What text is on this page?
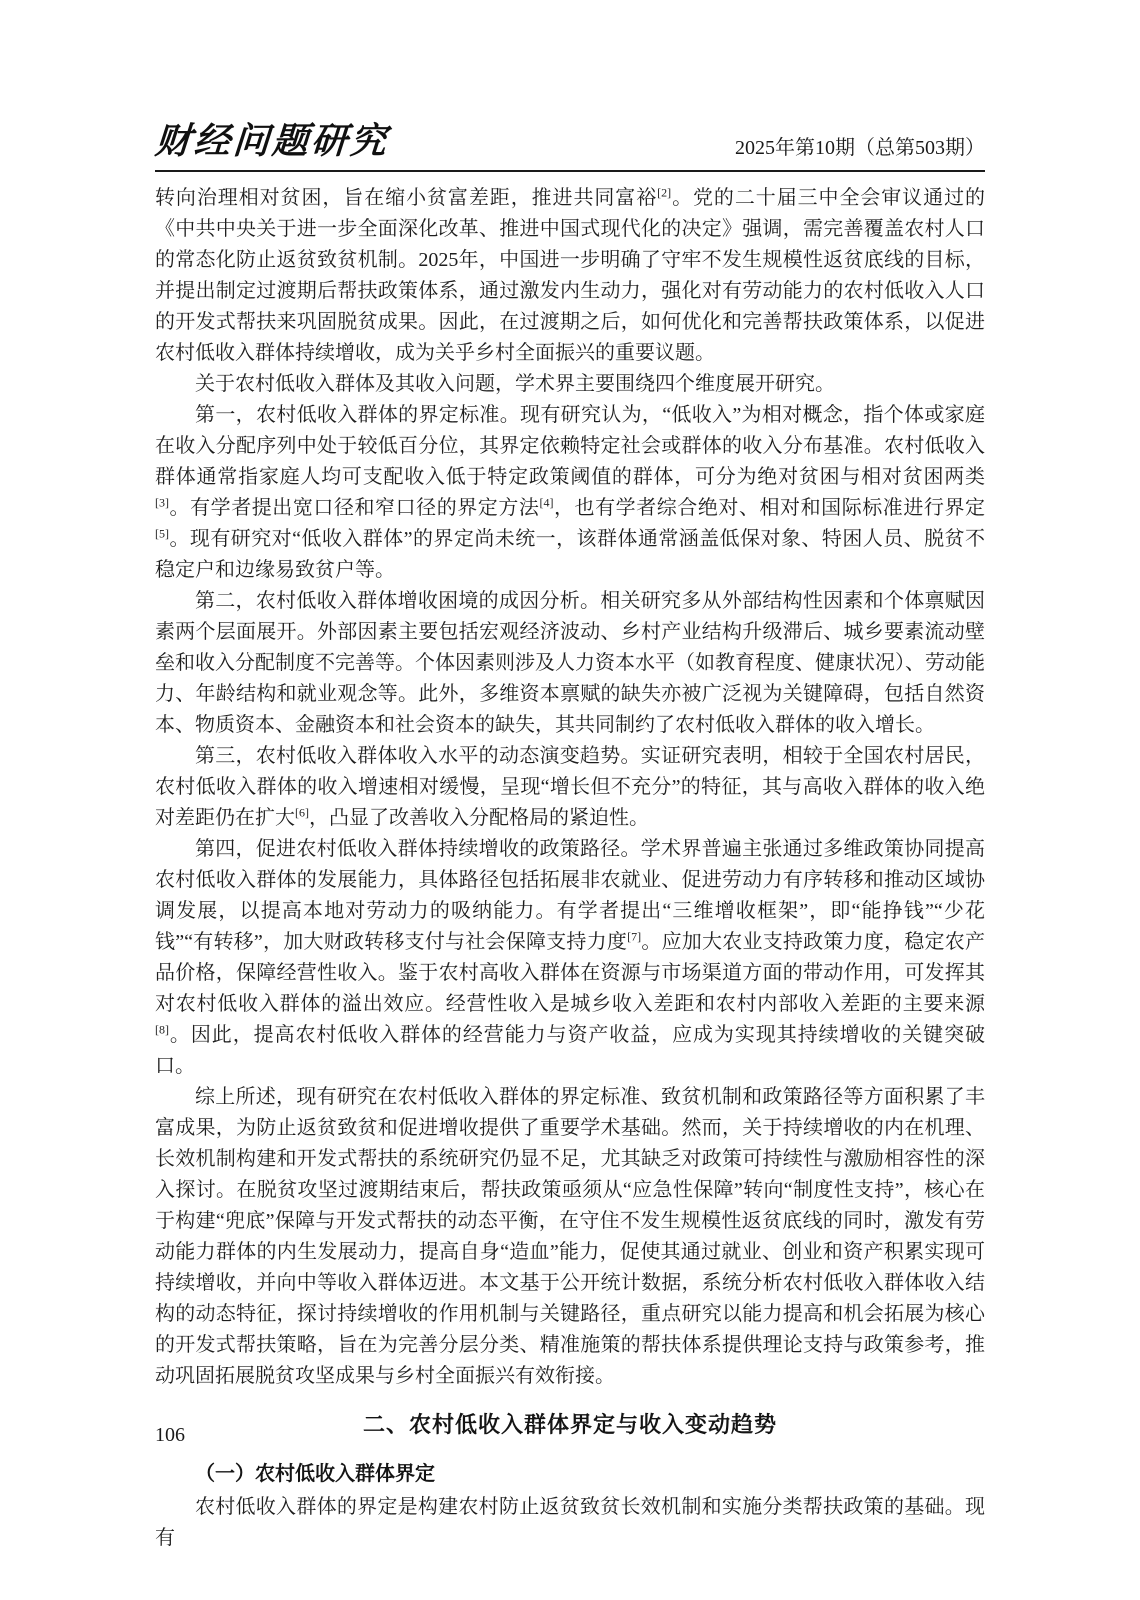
财经问题研究	2025年第10期（总第503期）

转向治理相对贫困，旨在缩小贫富差距，推进共同富裕[2]。党的二十届三中全会审议通过的《中共中央关于进一步全面深化改革、推进中国式现代化的决定》强调，需完善覆盖农村人口的常态化防止返贫致贫机制。2025年，中国进一步明确了守牢不发生规模性返贫底线的目标，并提出制定过渡期后帮扶政策体系，通过激发内生动力，强化对有劳动能力的农村低收入人口的开发式帮扶来巩固脱贫成果。因此，在过渡期之后，如何优化和完善帮扶政策体系，以促进农村低收入群体持续增收，成为关乎乡村全面振兴的重要议题。

关于农村低收入群体及其收入问题，学术界主要围绕四个维度展开研究。

第一，农村低收入群体的界定标准。现有研究认为，“低收入”为相对概念，指个体或家庭在收入分配序列中处于较低百分位，其界定依赖特定社会或群体的收入分布基准。农村低收入群体通常指家庭人均可支配收入低于特定政策阈值的群体，可分为绝对贫困与相对贫困两类[3]。有学者提出宽口径和窄口径的界定方法[4]，也有学者综合绝对、相对和国际标准进行界定[5]。现有研究对“低收入群体”的界定尚未统一，该群体通常涵盖低保对象、特困人员、脱贫不稳定户和边缘易致贫户等。

第二，农村低收入群体增收困境的成因分析。相关研究多从外部结构性因素和个体禀赋因素两个层面展开。外部因素主要包括宏观经济波动、乡村产业结构升级滞后、城乡要素流动壁垒和收入分配制度不完善等。个体因素则涉及人力资本水平（如教育程度、健康状况）、劳动能力、年龄结构和就业观念等。此外，多维资本禀赋的缺失亦被广泛视为关键障碍，包括自然资本、物质资本、金融资本和社会资本的缺失，其共同制约了农村低收入群体的收入增长。

第三，农村低收入群体收入水平的动态演变趋势。实证研究表明，相较于全国农村居民，农村低收入群体的收入增速相对缓慢，呈现“增长但不充分”的特征，其与高收入群体的收入绝对差距仍在扩大[6]，凸显了改善收入分配格局的紧迫性。

第四，促进农村低收入群体持续增收的政策路径。学术界普遍主张通过多维政策协同提高农村低收入群体的发展能力，具体路径包括拓展非农就业、促进劳动力有序转移和推动区域协调发展，以提高本地对劳动力的吸纳能力。有学者提出“三维增收框架”，即“能挣钱”“少花钱”“有转移”，加大财政转移支付与社会保障支持力度[7]。应加大农业支持政策力度，稳定农产品价格，保障经营性收入。鉴于农村高收入群体在资源与市场渠道方面的带动作用，可发挥其对农村低收入群体的溢出效应。经营性收入是城乡收入差距和农村内部收入差距的主要来源[8]。因此，提高农村低收入群体的经营能力与资产收益，应成为实现其持续增收的关键突破口。

综上所述，现有研究在农村低收入群体的界定标准、致贫机制和政策路径等方面积累了丰富成果，为防止返贫致贫和促进增收提供了重要学术基础。然而，关于持续增收的内在机理、长效机制构建和开发式帮扶的系统研究仍显不足，尤其缺乏对政策可持续性与激励相容性的深入探讨。在脱贫攻坚过渡期结束后，帮扶政策亟须从“应急性保障”转向“制度性支持”，核心在于构建“兜底”保障与开发式帮扶的动态平衡，在守住不发生规模性返贫底线的同时，激发有劳动能力群体的内生发展动力，提高自身“造血”能力，促使其通过就业、创业和资产积累实现可持续增收，并向中等收入群体迈进。本文基于公开统计数据，系统分析农村低收入群体收入结构的动态特征，探讨持续增收的作用机制与关键路径，重点研究以能力提高和机会拓展为核心的开发式帮扶策略，旨在为完善分层分类、精准施策的帮扶体系提供理论支持与政策参考，推动巩固拓展脱贫攻坚成果与乡村全面振兴有效衔接。

二、农村低收入群体界定与收入变动趋势
（一）农村低收入群体界定

农村低收入群体的界定是构建农村防止返贫致贫长效机制和实施分类帮扶政策的基础。现有

106
